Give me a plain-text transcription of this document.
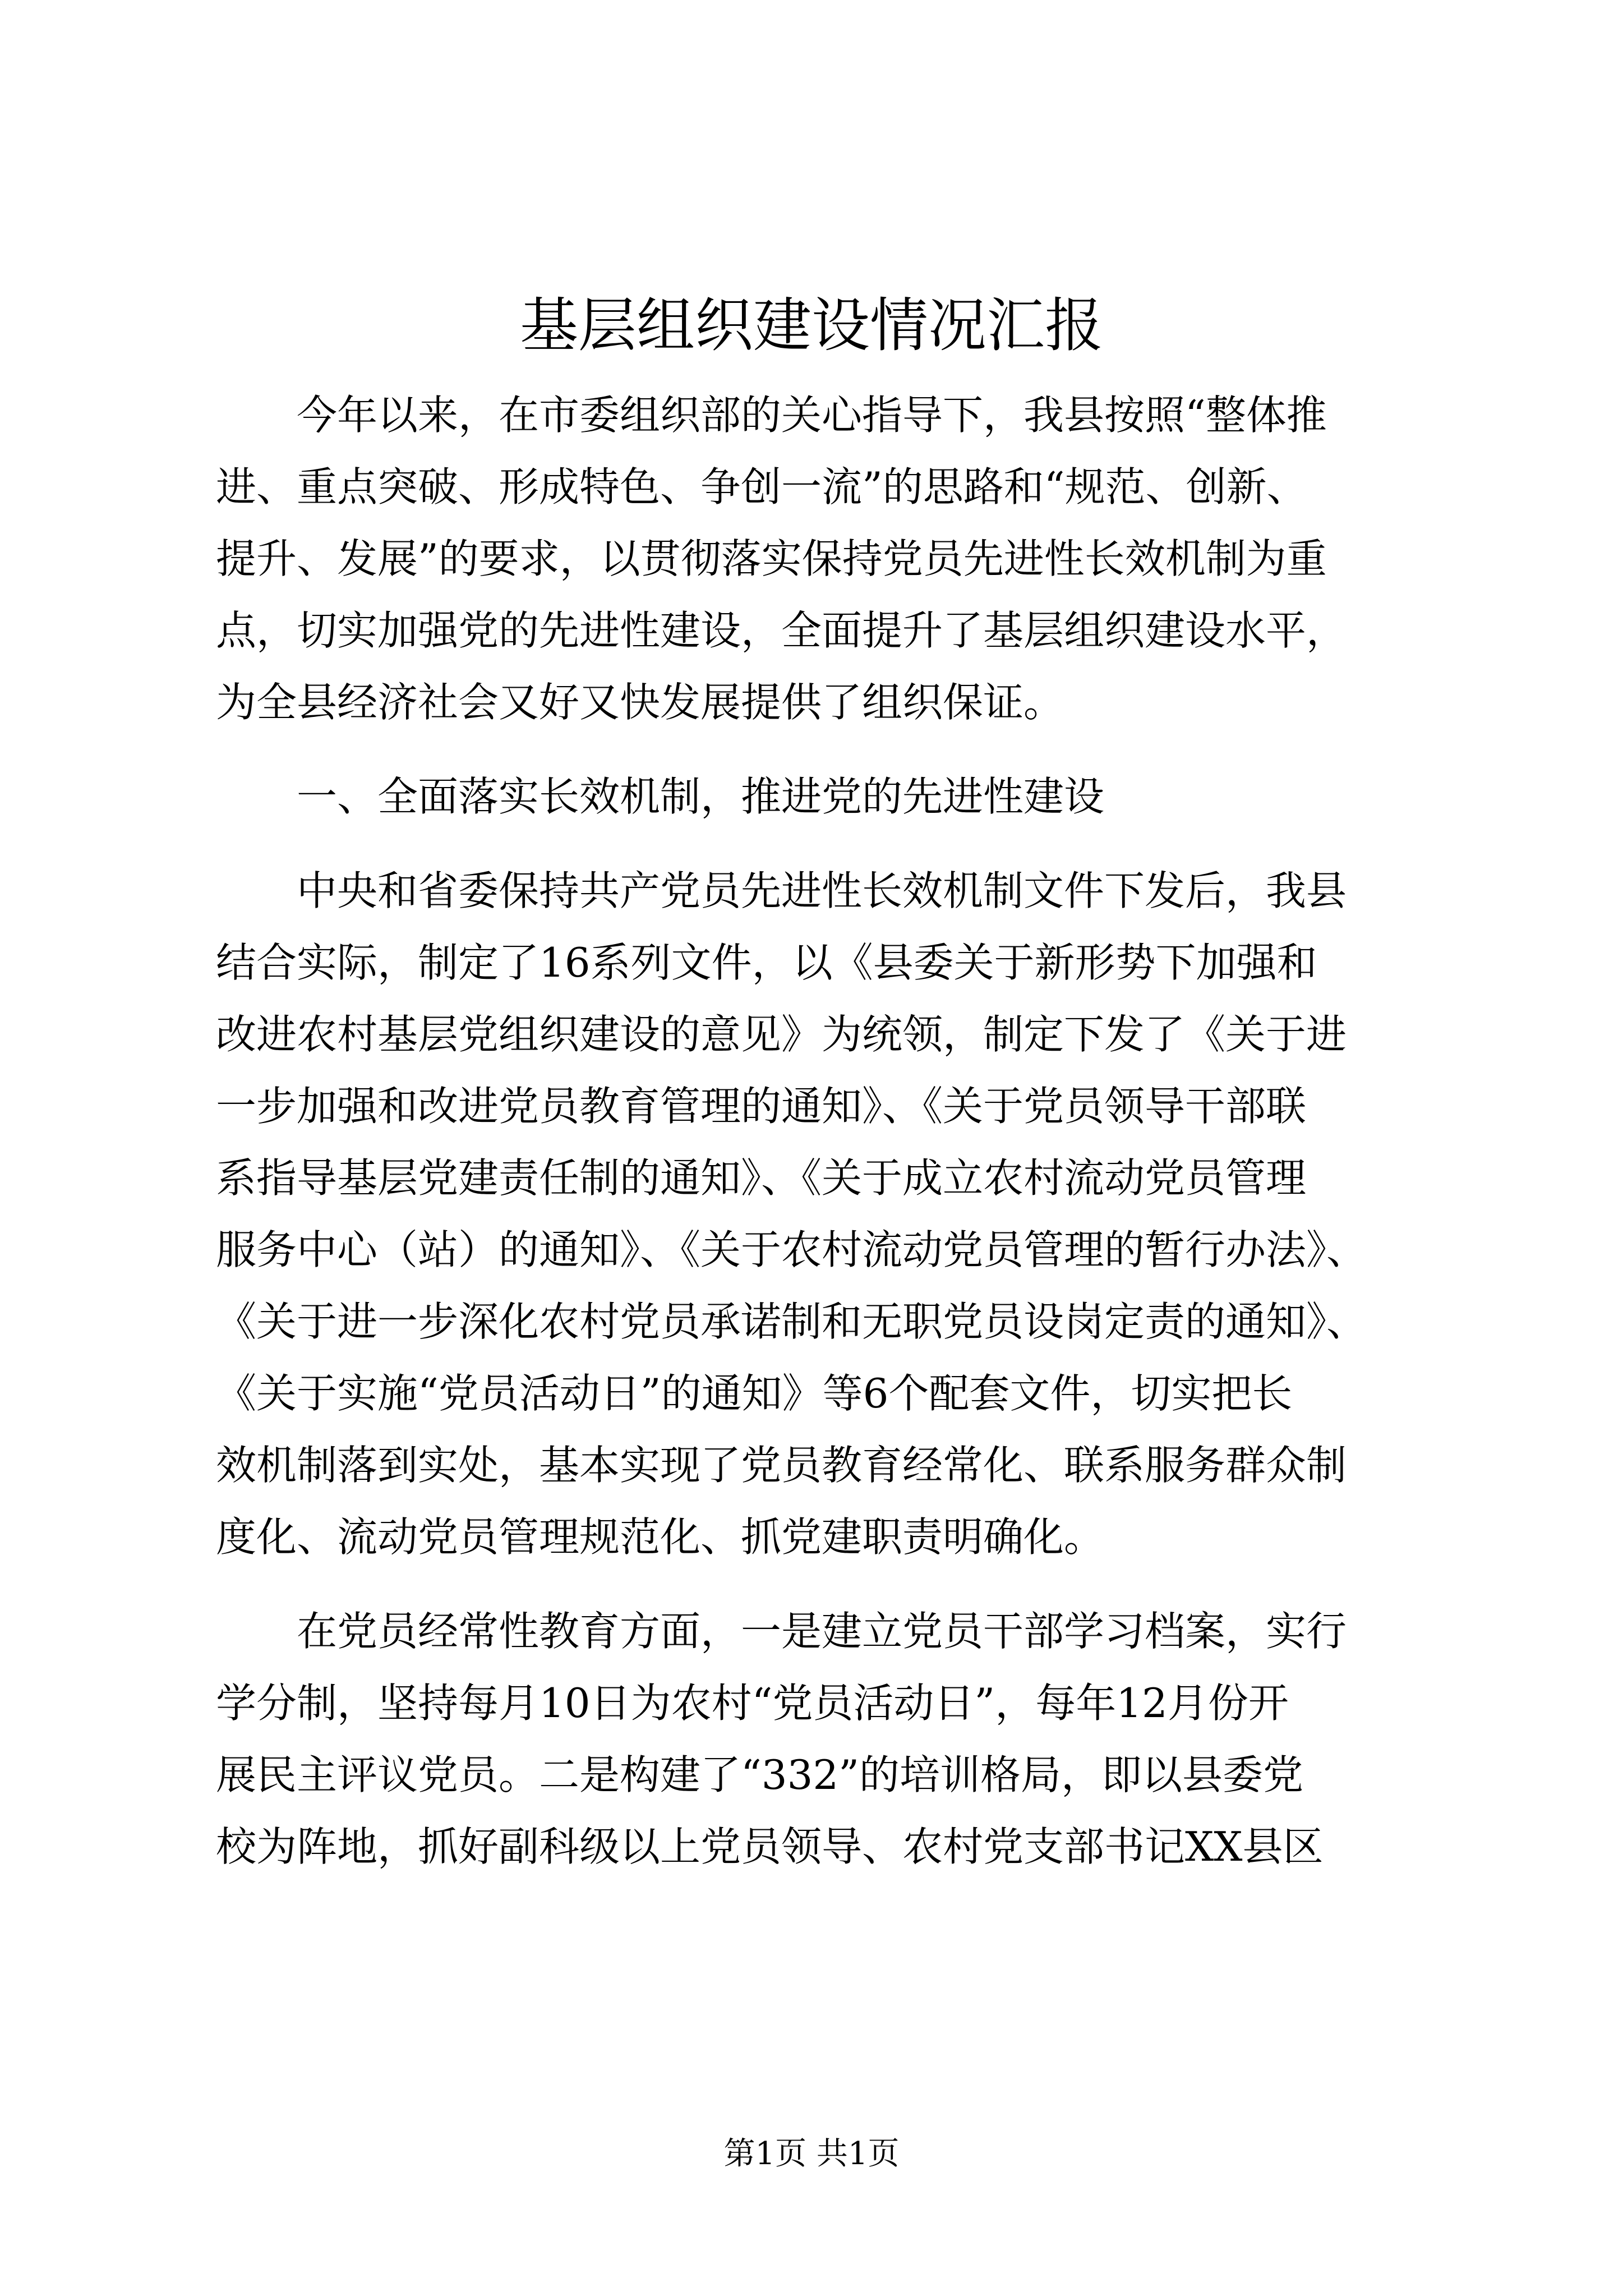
基层组织建设情况汇报

　　今年以来，在市委组织部的关心指导下，我县按照“整体推

进、重点突破、形成特色、争创一流”的思路和“规范、创新、

提升、发展”的要求，以贯彻落实保持党员先进性长效机制为重

点，切实加强党的先进性建设，全面提升了基层组织建设水平，

为全县经济社会又好又快发展提供了组织保证。

　　一、全面落实长效机制，推进党的先进性建设

　　中央和省委保持共产党员先进性长效机制文件下发后，我县

结合实际，制定了16系列文件，以《县委关于新形势下加强和

改进农村基层党组织建设的意见》为统领，制定下发了《关于进

一步加强和改进党员教育管理的通知》、《关于党员领导干部联

系指导基层党建责任制的通知》、《关于成立农村流动党员管理

服务中心（站）的通知》、《关于农村流动党员管理的暂行办法》、

《关于进一步深化农村党员承诺制和无职党员设岗定责的通知》、

《关于实施“党员活动日”的通知》等6个配套文件，切实把长

效机制落到实处，基本实现了党员教育经常化、联系服务群众制

度化、流动党员管理规范化、抓党建职责明确化。

　　在党员经常性教育方面，一是建立党员干部学习档案，实行

学分制，坚持每月10日为农村“党员活动日”，每年12月份开

展民主评议党员。二是构建了“332”的培训格局，即以县委党

校为阵地，抓好副科级以上党员领导、农村党支部书记XX县区

第1页 共1页
